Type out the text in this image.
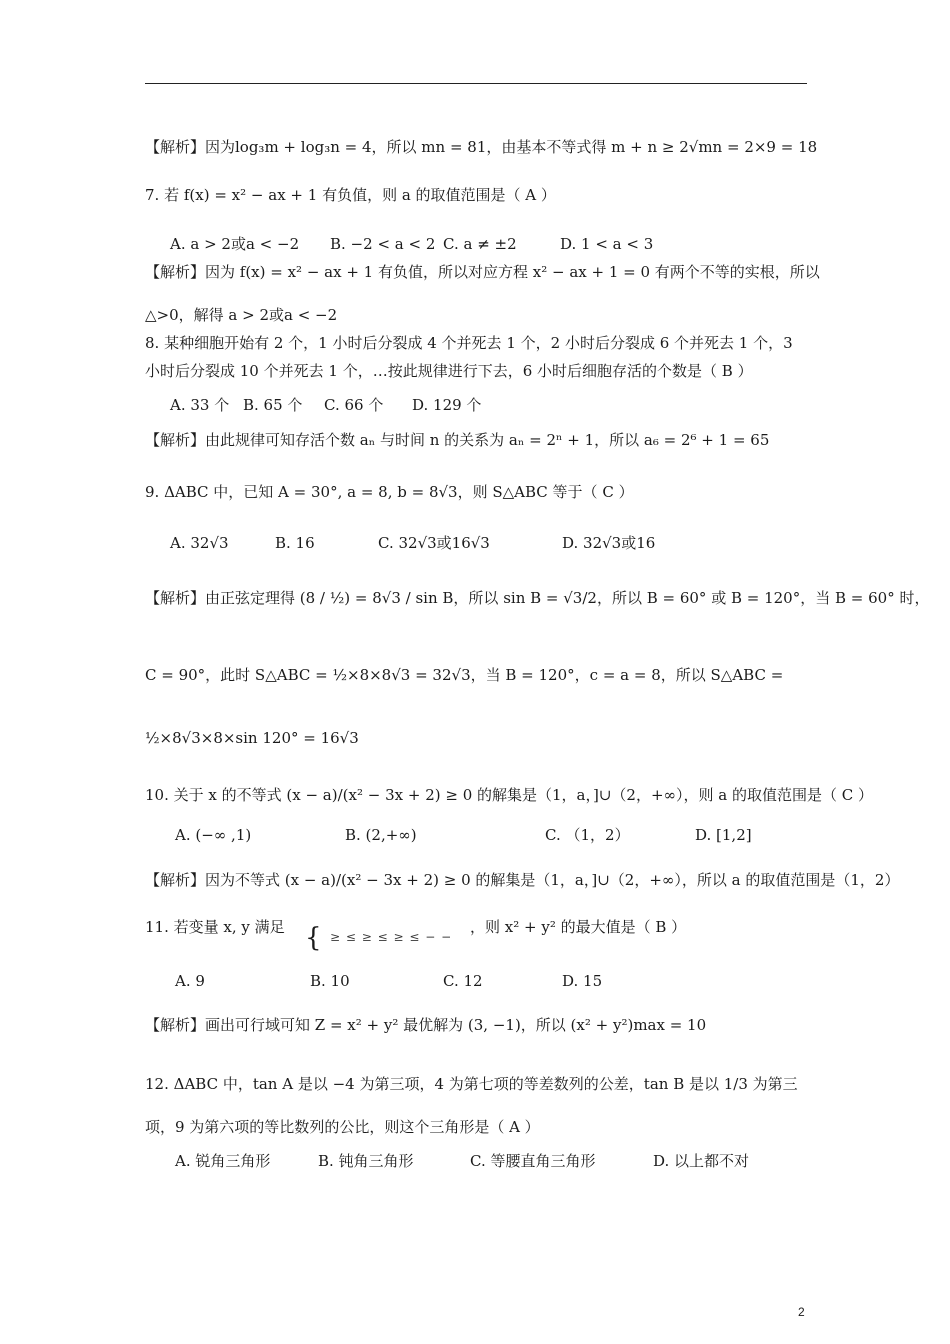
【解析】因为log₃m + log₃n = 4，所以 mn = 81，由基本不等式得 m + n ≥ 2√mn = 2×9 = 18
7. 若 f(x) = x² − ax + 1 有负值，则 a 的取值范围是（ A ）
A. a > 2或a < −2 B. −2 < a < 2 C. a ≠ ±2	D. 1 < a < 3
【解析】因为 f(x) = x² − ax + 1 有负值，所以对应方程 x² − ax + 1 = 0 有两个不等的实根，所以
△>0，解得 a > 2或a < −2
8. 某种细胞开始有 2 个，1 小时后分裂成 4 个并死去 1 个，2 小时后分裂成 6 个并死去 1 个，3
小时后分裂成 10 个并死去 1 个，…按此规律进行下去，6 小时后细胞存活的个数是（ B ）
A. 33 个 B. 65 个 C. 66 个 D. 129 个
【解析】由此规律可知存活个数 aₙ 与时间 n 的关系为 aₙ = 2ⁿ + 1，所以 a₆ = 2⁶ + 1 = 65
9. ΔABC 中，已知 A = 30°, a = 8, b = 8√3，则 S△ABC 等于（ C ）
A. 32√3	B. 16	C. 32√3或16√3	D. 32√3或16
【解析】由正弦定理得 (8 / ½) = 8√3 / sin B，所以 sin B = √3/2，所以 B = 60° 或 B = 120°，当 B = 60° 时，
C = 90°，此时 S△ABC = ½×8×8√3 = 32√3，当 B = 120°，c = a = 8，所以 S△ABC =
½×8√3×8×sin 120° = 16√3
10. 关于 x 的不等式 (x − a)/(x² − 3x + 2) ≥ 0 的解集是（1，a，]∪（2，+∞），则 a 的取值范围是（ C ）
A. (−∞ ,1)	B. (2,+∞)	C. （1，2）	D. [1,2]
【解析】因为不等式 (x − a)/(x² − 3x + 2) ≥ 0 的解集是（1，a，]∪（2，+∞），所以 a 的取值范围是（1，2）
11. 若变量 x, y 满足 { ≥ ≤ ≥ ≤ ≥ ≤ − −
，则 x² + y² 的最大值是（ B ）
A. 9	B. 10	C. 12	D. 15
【解析】画出可行域可知 Z = x² + y² 最优解为 (3, −1)，所以 (x² + y²)max = 10
12. ΔABC 中，tan A 是以 −4 为第三项，4 为第七项的等差数列的公差，tan B 是以 1/3 为第三
项，9 为第六项的等比数列的公比，则这个三角形是（ A ）
A. 锐角三角形	B. 钝角三角形	C. 等腰直角三角形	D. 以上都不对
2
